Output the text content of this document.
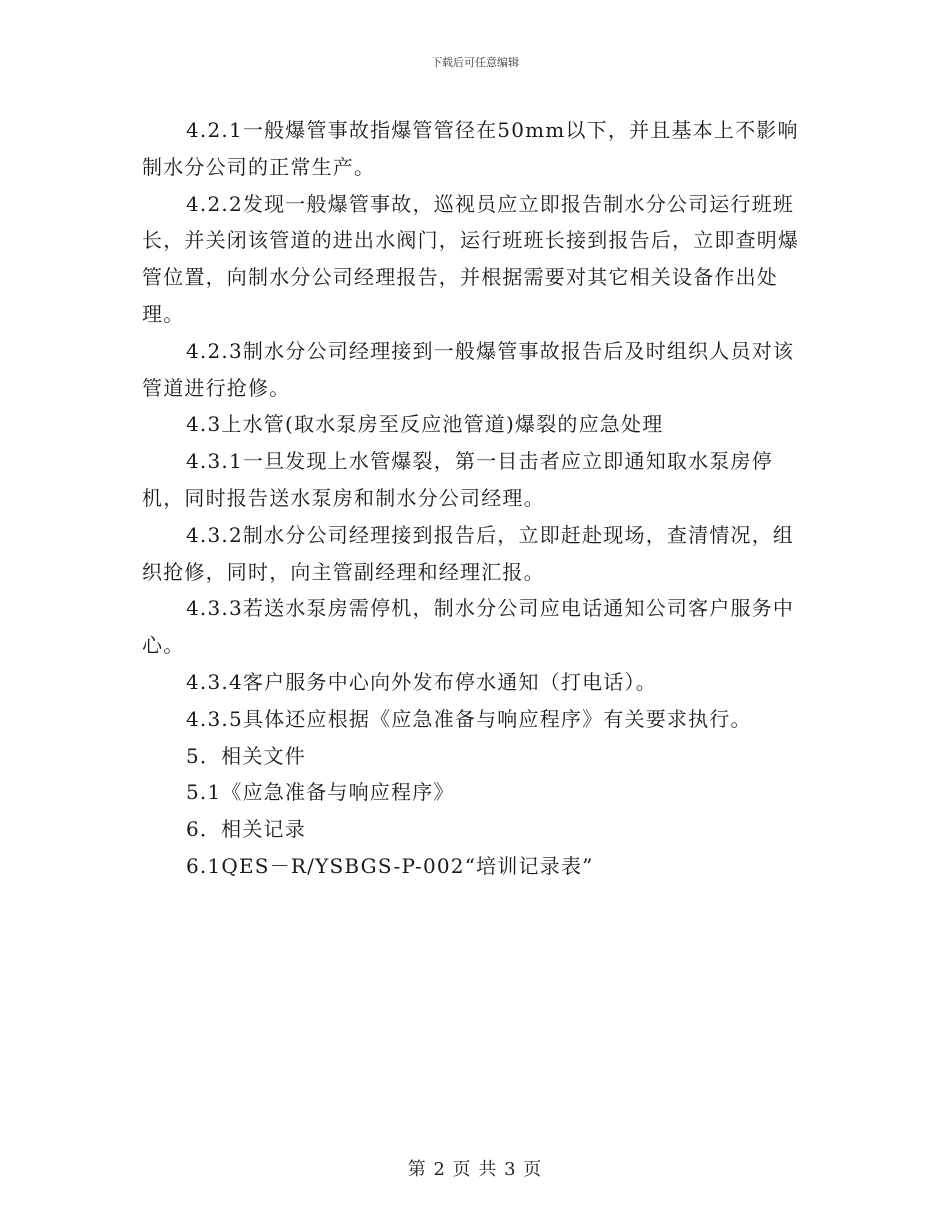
下载后可任意编辑

4.2.1一般爆管事故指爆管管径在50mm以下，并且基本上不影响制水分公司的正常生产。

4.2.2发现一般爆管事故，巡视员应立即报告制水分公司运行班班长，并关闭该管道的进出水阀门，运行班班长接到报告后，立即查明爆管位置，向制水分公司经理报告，并根据需要对其它相关设备作出处理。

4.2.3制水分公司经理接到一般爆管事故报告后及时组织人员对该管道进行抢修。

4.3上水管(取水泵房至反应池管道)爆裂的应急处理

4.3.1一旦发现上水管爆裂，第一目击者应立即通知取水泵房停机，同时报告送水泵房和制水分公司经理。

4.3.2制水分公司经理接到报告后，立即赶赴现场，查清情况，组织抢修，同时，向主管副经理和经理汇报。

4.3.3若送水泵房需停机，制水分公司应电话通知公司客户服务中心。

4.3.4客户服务中心向外发布停水通知（打电话）。

4.3.5具体还应根据《应急准备与响应程序》有关要求执行。

5．相关文件

5.1《应急准备与响应程序》

6．相关记录

6.1QES－R/YSBGS-P-002“培训记录表”

第 2 页 共 3 页
